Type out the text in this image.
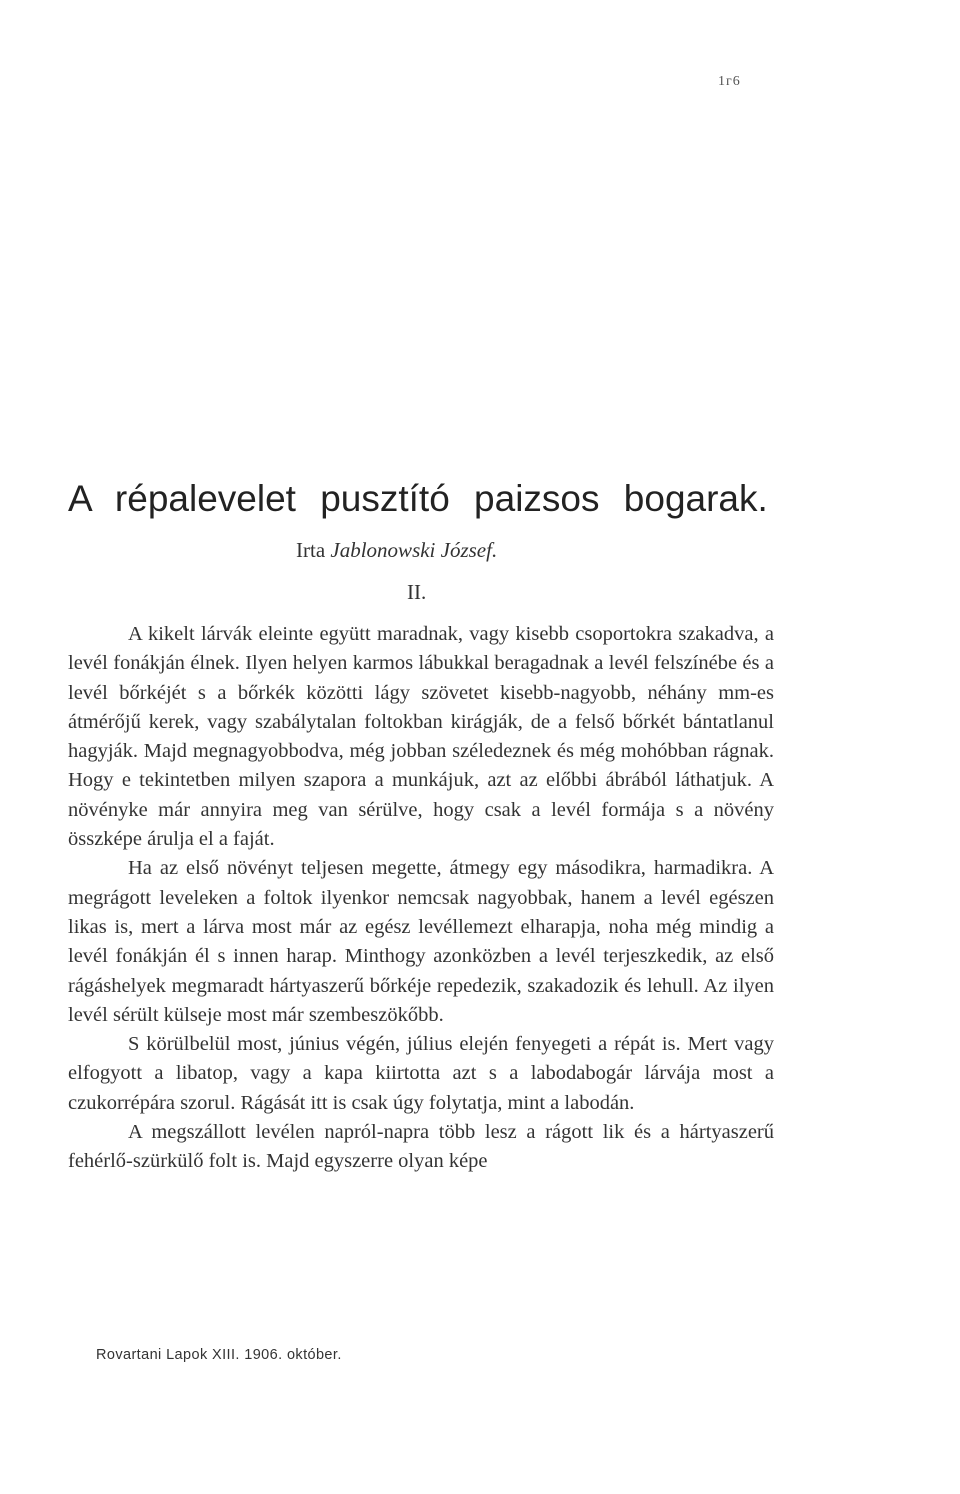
1ᴦ6
A répalevelet pusztító paizsos bogarak.
Irta Jablonowski József.
II.

A kikelt lárvák eleinte együtt maradnak, vagy kisebb csoportokra szakadva, a levél fonákján élnek. Ilyen helyen karmos lábukkal beragadnak a levél felszínébe és a levél bőrkéjét s a bőrkék közötti lágy szövetet kisebb-nagyobb, néhány mm-es átmérőjű kerek, vagy szabálytalan foltokban kirágják, de a felső bőrkét bántatlanul hagyják. Majd megnagyobbodva, még jobban széledeznek és még mohóbban rágnak. Hogy e tekintetben milyen szapora a munkájuk, azt az előbbi ábrából láthatjuk. A növényke már annyira meg van sérülve, hogy csak a levél formája s a növény összképe árulja el a faját.

Ha az első növényt teljesen megette, átmegy egy másodikra, harmadikra. A megrágott leveleken a foltok ilyenkor nemcsak nagyobbak, hanem a levél egészen likas is, mert a lárva most már az egész levéllemezt elharapja, noha még mindig a levél fonákján él s innen harap. Minthogy azonközben a levél terjeszkedik, az első rágáshelyek megmaradt hártyaszerű bőrkéje repedezik, szakadozik és lehull. Az ilyen levél sérült külseje most már szembeszökőbb.

S körülbelül most, június végén, július elején fenyegeti a répát is. Mert vagy elfogyott a libatop, vagy a kapa kiirtotta azt s a labodabogár lárvája most a czukorrépára szorul. Rágását itt is csak úgy folytatja, mint a labodán.

A megszállott levélen napról-napra több lesz a rágott lik és a hártyaszerű fehérlő-szürkülő folt is. Majd egyszerre olyan képe

Rovartani Lapok XIII. 1906. október.
